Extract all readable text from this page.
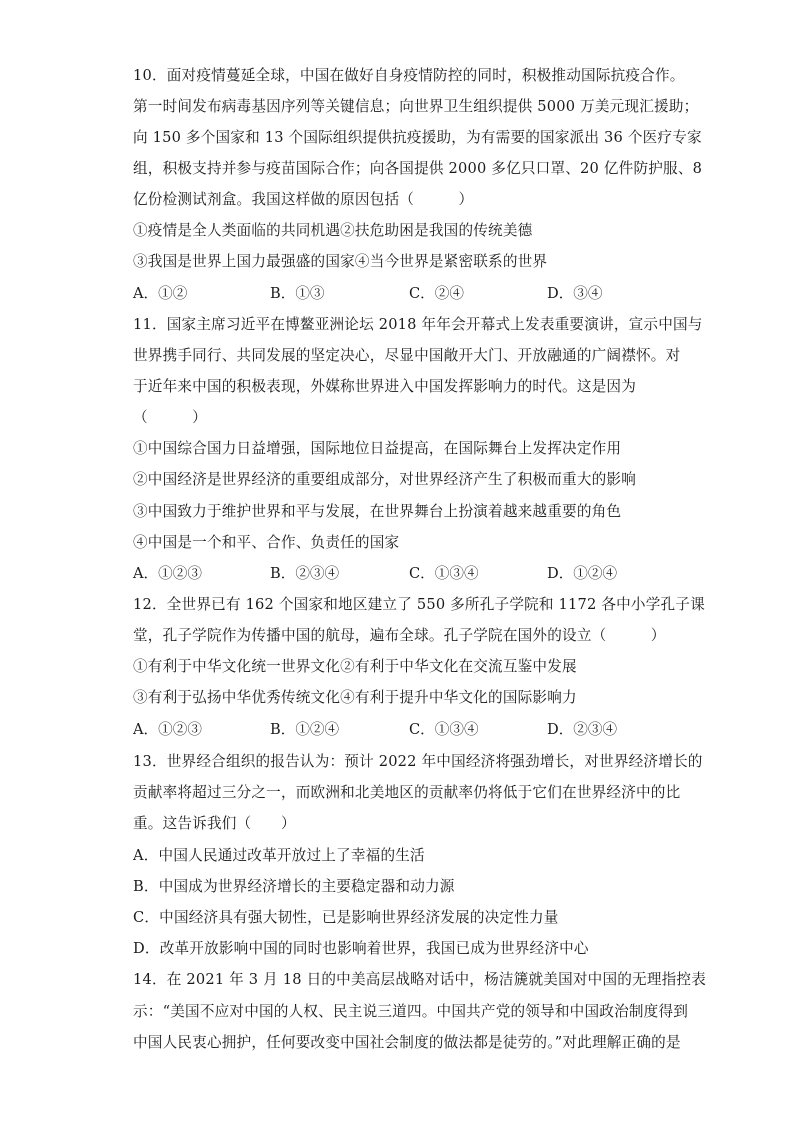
10．面对疫情蔓延全球，中国在做好自身疫情防控的同时，积极推动国际抗疫合作。
第一时间发布病毒基因序列等关键信息；向世界卫生组织提供 5000 万美元现汇援助；
向 150 多个国家和 13 个国际组织提供抗疫援助，为有需要的国家派出 36 个医疗专家
组，积极支持并参与疫苗国际合作；向各国提供 2000 多亿只口罩、20 亿件防护服、8
亿份检测试剂盒。我国这样做的原因包括（　　　）
①疫情是全人类面临的共同机遇②扶危助困是我国的传统美德
③我国是世界上国力最强盛的国家④当今世界是紧密联系的世界
A．①②	B．①③	C．②④	D．③④
11．国家主席习近平在博鳌亚洲论坛 2018 年年会开幕式上发表重要演讲，宣示中国与
世界携手同行、共同发展的坚定决心，尽显中国敞开大门、开放融通的广阔襟怀。对
于近年来中国的积极表现，外媒称世界进入中国发挥影响力的时代。这是因为
（　　　）
①中国综合国力日益增强，国际地位日益提高，在国际舞台上发挥决定作用
②中国经济是世界经济的重要组成部分，对世界经济产生了积极而重大的影响
③中国致力于维护世界和平与发展，在世界舞台上扮演着越来越重要的角色
④中国是一个和平、合作、负责任的国家
A．①②③	B．②③④	C．①③④	D．①②④
12．全世界已有 162 个国家和地区建立了 550 多所孔子学院和 1172 各中小学孔子课
堂，孔子学院作为传播中国的航母，遍布全球。孔子学院在国外的设立（　　　）
①有利于中华文化统一世界文化②有利于中华文化在交流互鉴中发展
③有利于弘扬中华优秀传统文化④有利于提升中华文化的国际影响力
A．①②③	B．①②④	C．①③④	D．②③④
13．世界经合组织的报告认为：预计 2022 年中国经济将强劲增长，对世界经济增长的
贡献率将超过三分之一，而欧洲和北美地区的贡献率仍将低于它们在世界经济中的比
重。这告诉我们（　　）
A．中国人民通过改革开放过上了幸福的生活
B．中国成为世界经济增长的主要稳定器和动力源
C．中国经济具有强大韧性，已是影响世界经济发展的决定性力量
D．改革开放影响中国的同时也影响着世界，我国已成为世界经济中心
14．在 2021 年 3 月 18 日的中美高层战略对话中，杨洁篪就美国对中国的无理指控表
示：“美国不应对中国的人权、民主说三道四。中国共产党的领导和中国政治制度得到
中国人民衷心拥护，任何要改变中国社会制度的做法都是徒劳的。”对此理解正确的是
